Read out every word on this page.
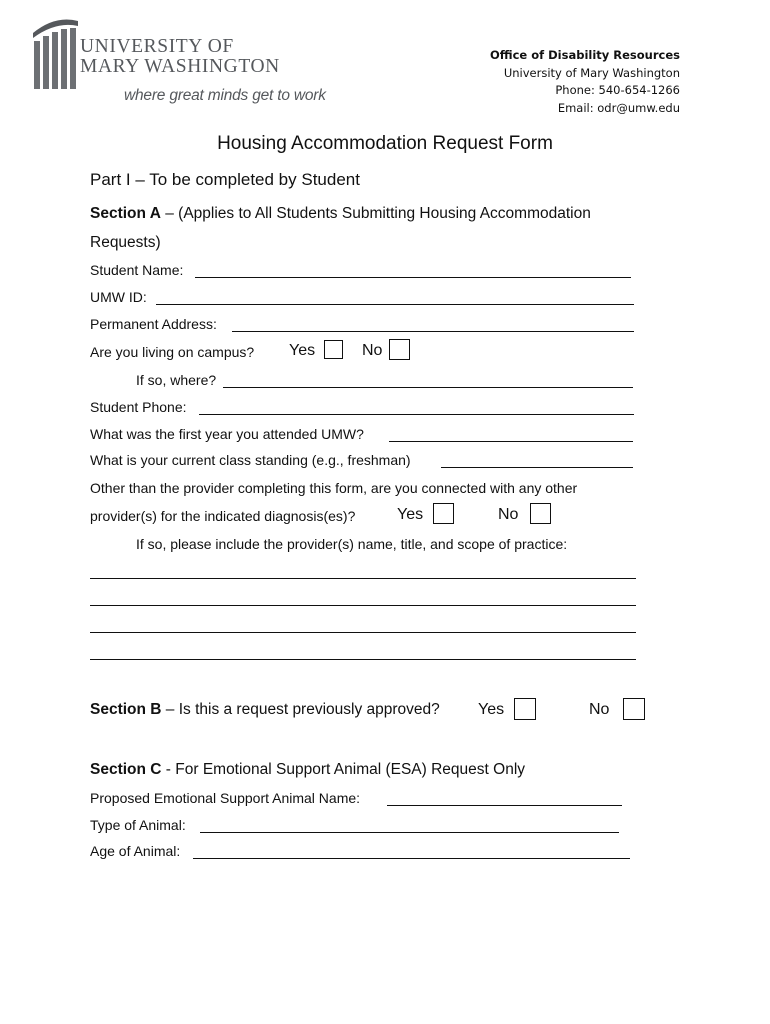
UNIVERSITY OF
MARY WASHINGTON
where great minds get to work
Office of Disability Resources
University of Mary Washington
Phone: 540-654-1266
Email: odr@umw.edu
Housing Accommodation Request Form
Part I – To be completed by Student
Section A – (Applies to All Students Submitting Housing Accommodation
Requests)
Student Name:
UMW ID:
Permanent Address:
Are you living on campus? Yes	No
If so, where?
Student Phone:
What was the first year you attended UMW?
What is your current class standing (e.g., freshman)
Other than the provider completing this form, are you connected with any other
provider(s) for the indicated diagnosis(es)?	Yes	No
If so, please include the provider(s) name, title, and scope of practice:
Section B – Is this a request previously approved? Yes	No
Section C - For Emotional Support Animal (ESA) Request Only
Proposed Emotional Support Animal Name:
Type of Animal:
Age of Animal:
